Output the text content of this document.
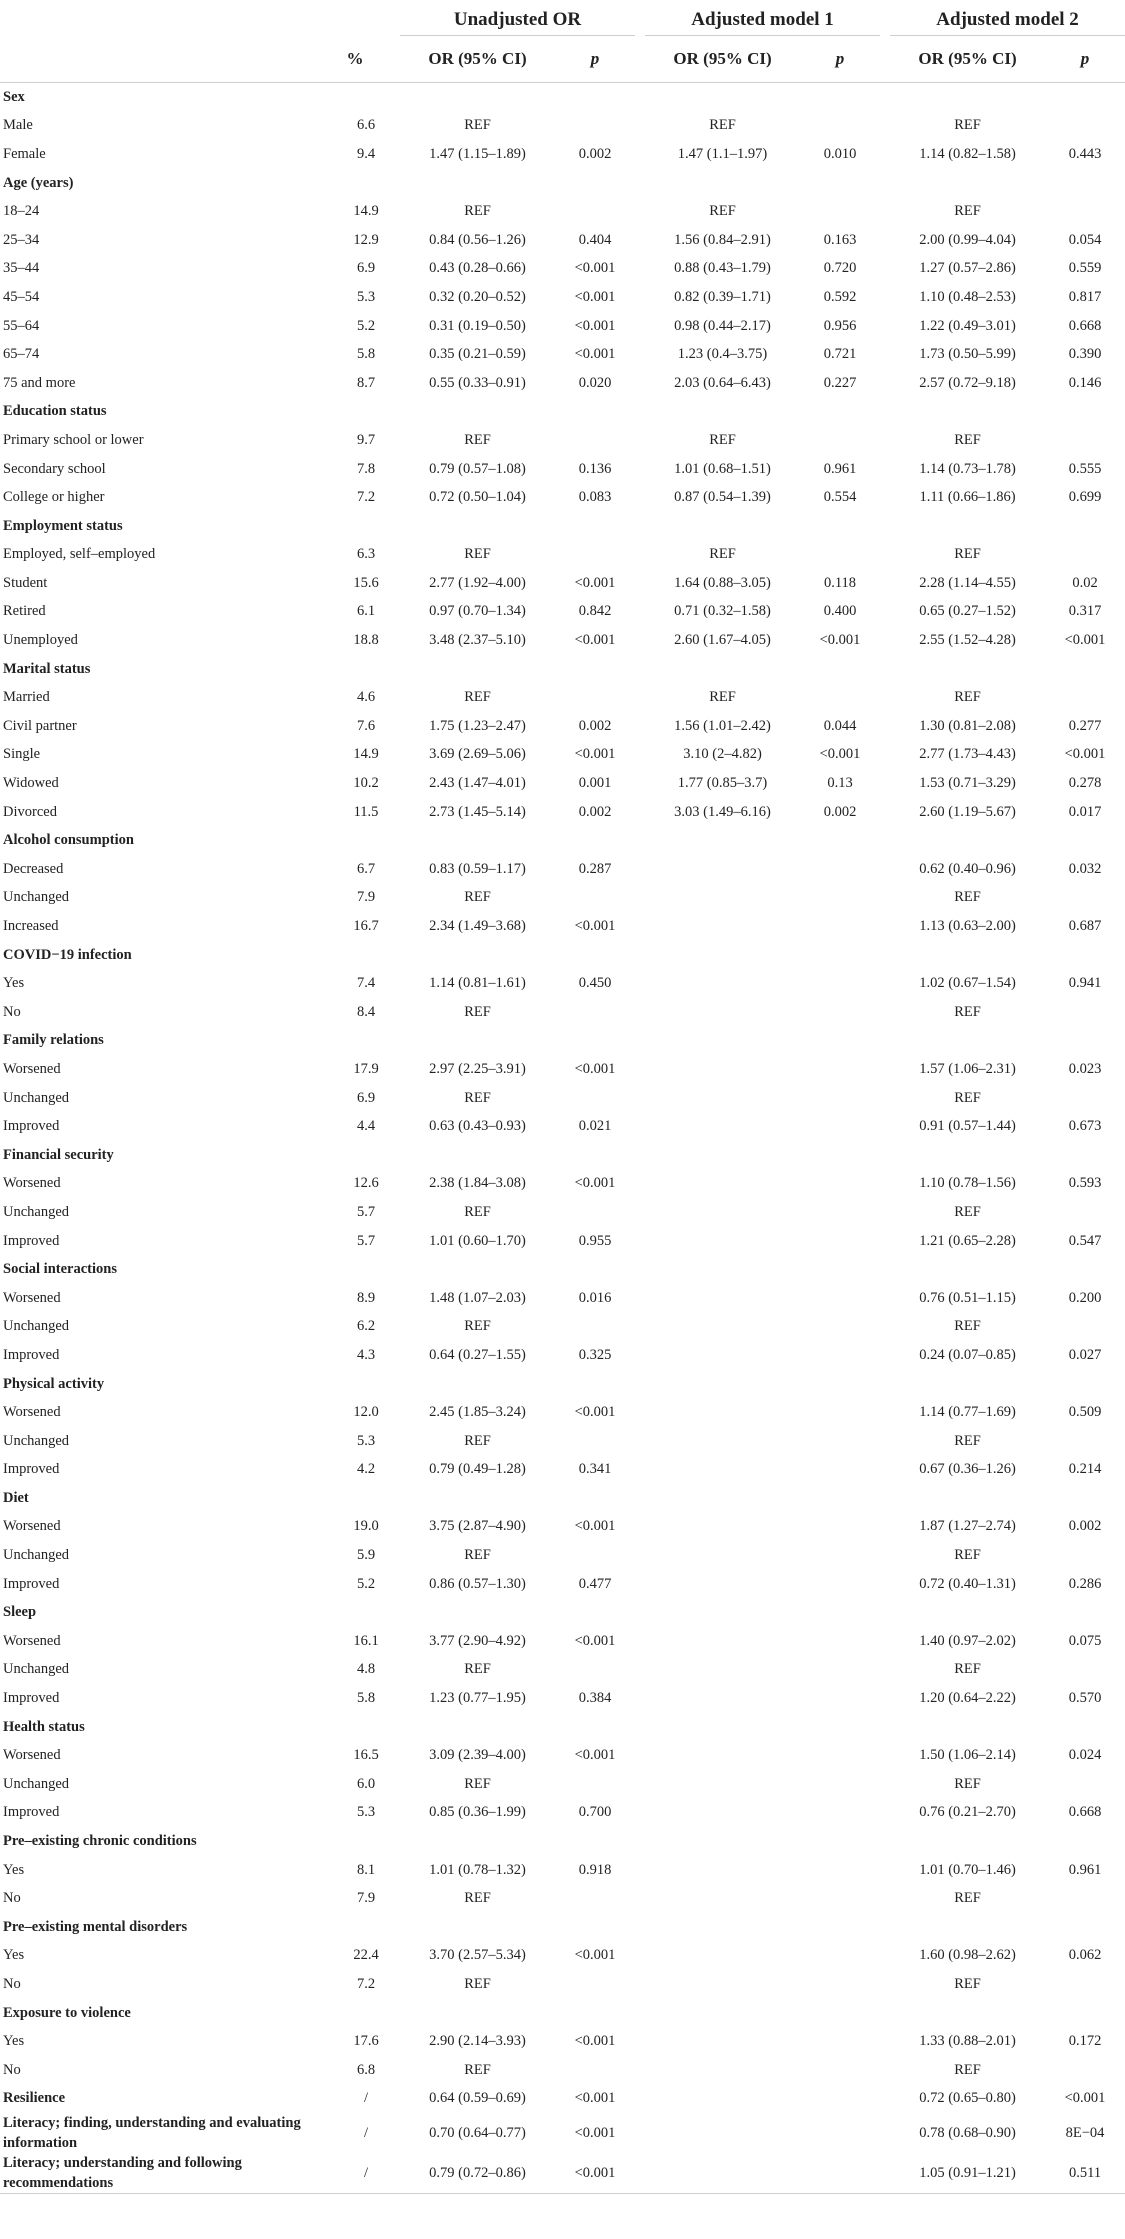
		Unadjusted OR			Adjusted model 1			Adjusted model 2	
	%	OR (95% CI)	p		OR (95% CI)	p		OR (95% CI)	p
Sex									
Male	6.6	REF			REF			REF	
Female	9.4	1.47 (1.15–1.89)	0.002		1.47 (1.1–1.97)	0.010		1.14 (0.82–1.58)	0.443
Age (years)									
18–24	14.9	REF			REF			REF	
25–34	12.9	0.84 (0.56–1.26)	0.404		1.56 (0.84–2.91)	0.163		2.00 (0.99–4.04)	0.054
35–44	6.9	0.43 (0.28–0.66)	<0.001		0.88 (0.43–1.79)	0.720		1.27 (0.57–2.86)	0.559
45–54	5.3	0.32 (0.20–0.52)	<0.001		0.82 (0.39–1.71)	0.592		1.10 (0.48–2.53)	0.817
55–64	5.2	0.31 (0.19–0.50)	<0.001		0.98 (0.44–2.17)	0.956		1.22 (0.49–3.01)	0.668
65–74	5.8	0.35 (0.21–0.59)	<0.001		1.23 (0.4–3.75)	0.721		1.73 (0.50–5.99)	0.390
75 and more	8.7	0.55 (0.33–0.91)	0.020		2.03 (0.64–6.43)	0.227		2.57 (0.72–9.18)	0.146
Education status									
Primary school or lower	9.7	REF			REF			REF	
Secondary school	7.8	0.79 (0.57–1.08)	0.136		1.01 (0.68–1.51)	0.961		1.14 (0.73–1.78)	0.555
College or higher	7.2	0.72 (0.50–1.04)	0.083		0.87 (0.54–1.39)	0.554		1.11 (0.66–1.86)	0.699
Employment status									
Employed, self–employed	6.3	REF			REF			REF	
Student	15.6	2.77 (1.92–4.00)	<0.001		1.64 (0.88–3.05)	0.118		2.28 (1.14–4.55)	0.02
Retired	6.1	0.97 (0.70–1.34)	0.842		0.71 (0.32–1.58)	0.400		0.65 (0.27–1.52)	0.317
Unemployed	18.8	3.48 (2.37–5.10)	<0.001		2.60 (1.67–4.05)	<0.001		2.55 (1.52–4.28)	<0.001
Marital status									
Married	4.6	REF			REF			REF	
Civil partner	7.6	1.75 (1.23–2.47)	0.002		1.56 (1.01–2.42)	0.044		1.30 (0.81–2.08)	0.277
Single	14.9	3.69 (2.69–5.06)	<0.001		3.10 (2–4.82)	<0.001		2.77 (1.73–4.43)	<0.001
Widowed	10.2	2.43 (1.47–4.01)	0.001		1.77 (0.85–3.7)	0.13		1.53 (0.71–3.29)	0.278
Divorced	11.5	2.73 (1.45–5.14)	0.002		3.03 (1.49–6.16)	0.002		2.60 (1.19–5.67)	0.017
Alcohol consumption									
Decreased	6.7	0.83 (0.59–1.17)	0.287					0.62 (0.40–0.96)	0.032
Unchanged	7.9	REF						REF	
Increased	16.7	2.34 (1.49–3.68)	<0.001					1.13 (0.63–2.00)	0.687
COVID−19 infection									
Yes	7.4	1.14 (0.81–1.61)	0.450					1.02 (0.67–1.54)	0.941
No	8.4	REF						REF	
Family relations									
Worsened	17.9	2.97 (2.25–3.91)	<0.001					1.57 (1.06–2.31)	0.023
Unchanged	6.9	REF						REF	
Improved	4.4	0.63 (0.43–0.93)	0.021					0.91 (0.57–1.44)	0.673
Financial security									
Worsened	12.6	2.38 (1.84–3.08)	<0.001					1.10 (0.78–1.56)	0.593
Unchanged	5.7	REF						REF	
Improved	5.7	1.01 (0.60–1.70)	0.955					1.21 (0.65–2.28)	0.547
Social interactions									
Worsened	8.9	1.48 (1.07–2.03)	0.016					0.76 (0.51–1.15)	0.200
Unchanged	6.2	REF						REF	
Improved	4.3	0.64 (0.27–1.55)	0.325					0.24 (0.07–0.85)	0.027
Physical activity									
Worsened	12.0	2.45 (1.85–3.24)	<0.001					1.14 (0.77–1.69)	0.509
Unchanged	5.3	REF						REF	
Improved	4.2	0.79 (0.49–1.28)	0.341					0.67 (0.36–1.26)	0.214
Diet									
Worsened	19.0	3.75 (2.87–4.90)	<0.001					1.87 (1.27–2.74)	0.002
Unchanged	5.9	REF						REF	
Improved	5.2	0.86 (0.57–1.30)	0.477					0.72 (0.40–1.31)	0.286
Sleep									
Worsened	16.1	3.77 (2.90–4.92)	<0.001					1.40 (0.97–2.02)	0.075
Unchanged	4.8	REF						REF	
Improved	5.8	1.23 (0.77–1.95)	0.384					1.20 (0.64–2.22)	0.570
Health status									
Worsened	16.5	3.09 (2.39–4.00)	<0.001					1.50 (1.06–2.14)	0.024
Unchanged	6.0	REF						REF	
Improved	5.3	0.85 (0.36–1.99)	0.700					0.76 (0.21–2.70)	0.668
Pre–existing chronic conditions									
Yes	8.1	1.01 (0.78–1.32)	0.918					1.01 (0.70–1.46)	0.961
No	7.9	REF						REF	
Pre–existing mental disorders									
Yes	22.4	3.70 (2.57–5.34)	<0.001					1.60 (0.98–2.62)	0.062
No	7.2	REF						REF	
Exposure to violence									
Yes	17.6	2.90 (2.14–3.93)	<0.001					1.33 (0.88–2.01)	0.172
No	6.8	REF						REF	
Resilience	/	0.64 (0.59–0.69)	<0.001					0.72 (0.65–0.80)	<0.001
Literacy; finding, understanding and evaluating information	/	0.70 (0.64–0.77)	<0.001					0.78 (0.68–0.90)	8E−04
Literacy; understanding and following recommendations	/	0.79 (0.72–0.86)	<0.001					1.05 (0.91–1.21)	0.511
